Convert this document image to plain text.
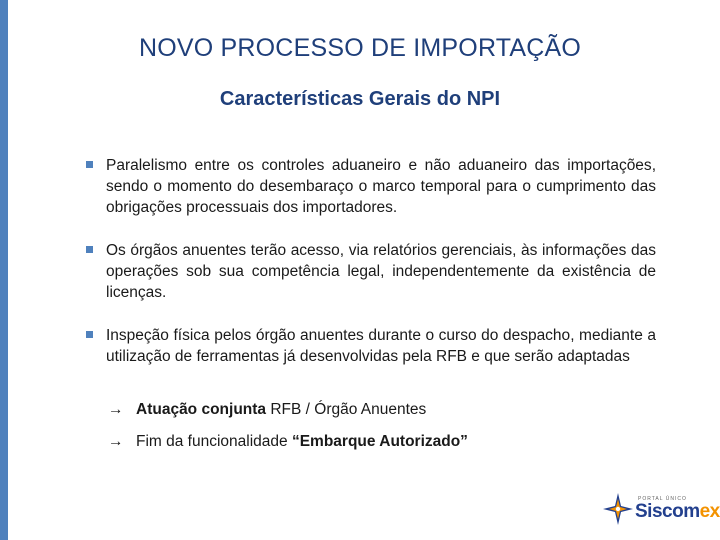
NOVO PROCESSO DE IMPORTAÇÃO
Características Gerais do NPI
Paralelismo entre os controles aduaneiro e não aduaneiro das importações, sendo o momento do desembaraço o marco temporal para o cumprimento das obrigações processuais dos importadores.
Os órgãos anuentes terão acesso, via relatórios gerenciais, às informações das operações sob sua competência legal, independentemente da existência de licenças.
Inspeção física pelos órgão anuentes durante o curso do despacho, mediante a utilização de ferramentas já desenvolvidas pela RFB e que serão adaptadas
→ Atuação conjunta RFB / Órgão Anuentes
→ Fim da funcionalidade “Embarque Autorizado”
PORTAL ÚNICO
Siscomex
